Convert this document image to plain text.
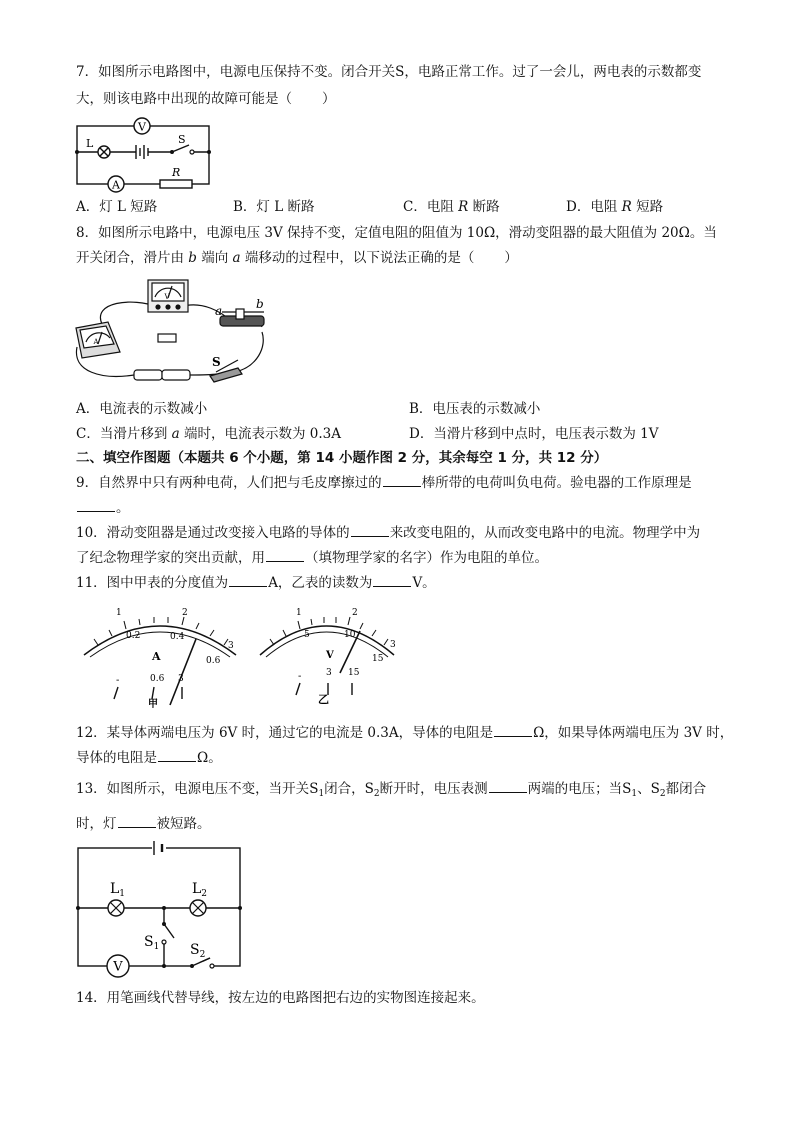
7．如图所示电路图中，电源电压保持不变。闭合开关S，电路正常工作。过了一会儿，两电表的示数都变
大，则该电路中出现的故障可能是（ ）
V
A
L	S
R
A．灯 L 短路	B．灯 L 断路	C．电阻 R 断路	D．电阻 R 短路
8．如图所示电路中，电源电压 3V 保持不变，定值电阻的阻值为 10Ω，滑动变阻器的最大阻值为 20Ω。当
开关闭合，滑片由 b 端向 a 端移动的过程中，以下说法正确的是（ ）
V
A
a	b
S
A．电流表的示数减小	B．电压表的示数减小
C．当滑片移到 a 端时，电流表示数为 0.3A	D．当滑片移到中点时，电压表示数为 1V
二、填空作图题（本题共 6 个小题，第 14 小题作图 2 分，其余每空 1 分，共 12 分）
9．自然界中只有两种电荷，人们把与毛皮摩擦过的	棒所带的电荷叫负电荷。验电器的工作原理是
。
10．滑动变阻器是通过改变接入电路的导体的	来改变电阻的，从而改变电路中的电流。物理学中为
了纪念物理学家的突出贡献，用	（填物理学家的名字）作为电阻的单位。
11．图中甲表的分度值为	A，乙表的读数为	V。
1	2
3
0.2	0.4
0.6
A
-	0.6 3
甲
1	2
3
5	10
15
V
-	3 15
乙
12．某导体两端电压为 6V 时，通过它的电流是 0.3A，导体的电阻是	Ω，如果导体两端电压为 3V 时，
导体的电阻是	Ω。
13．如图所示，电源电压不变，当开关$S_1$闭合，$S_2$断开时，电压表测	两端的电压；当$S_1$、$S_2$都闭合
时，灯	被短路。
V
$L_1$	$L_2$
$S_1$ $S_2$
14．用笔画线代替导线，按左边的电路图把右边的实物图连接起来。
